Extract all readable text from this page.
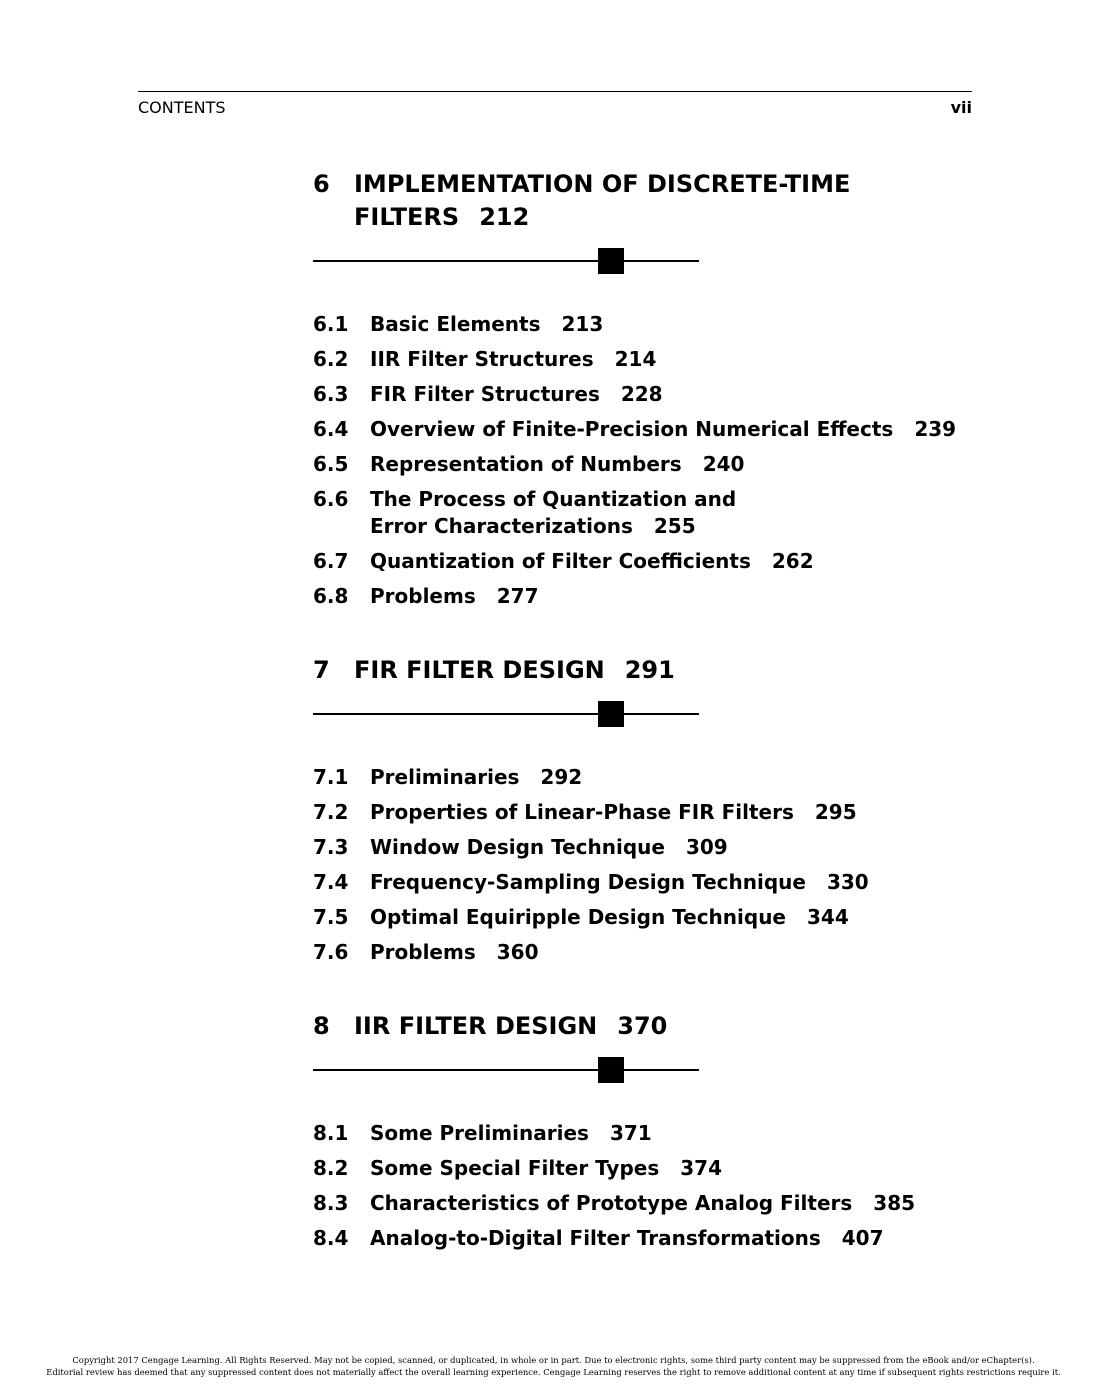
CONTENTS	vii
6 IMPLEMENTATION OF DISCRETE-TIME FILTERS 212
6.1 Basic Elements 213
6.2 IIR Filter Structures 214
6.3 FIR Filter Structures 228
6.4 Overview of Finite-Precision Numerical Effects 239
6.5 Representation of Numbers 240
6.6 The Process of Quantization and Error Characterizations 255
6.7 Quantization of Filter Coefficients 262
6.8 Problems 277
7 FIR FILTER DESIGN 291
7.1 Preliminaries 292
7.2 Properties of Linear-Phase FIR Filters 295
7.3 Window Design Technique 309
7.4 Frequency-Sampling Design Technique 330
7.5 Optimal Equiripple Design Technique 344
7.6 Problems 360
8 IIR FILTER DESIGN 370
8.1 Some Preliminaries 371
8.2 Some Special Filter Types 374
8.3 Characteristics of Prototype Analog Filters 385
8.4 Analog-to-Digital Filter Transformations 407
Copyright 2017 Cengage Learning. All Rights Reserved. May not be copied, scanned, or duplicated, in whole or in part. Due to electronic rights, some third party content may be suppressed from the eBook and/or eChapter(s).
Editorial review has deemed that any suppressed content does not materially affect the overall learning experience. Cengage Learning reserves the right to remove additional content at any time if subsequent rights restrictions require it.
